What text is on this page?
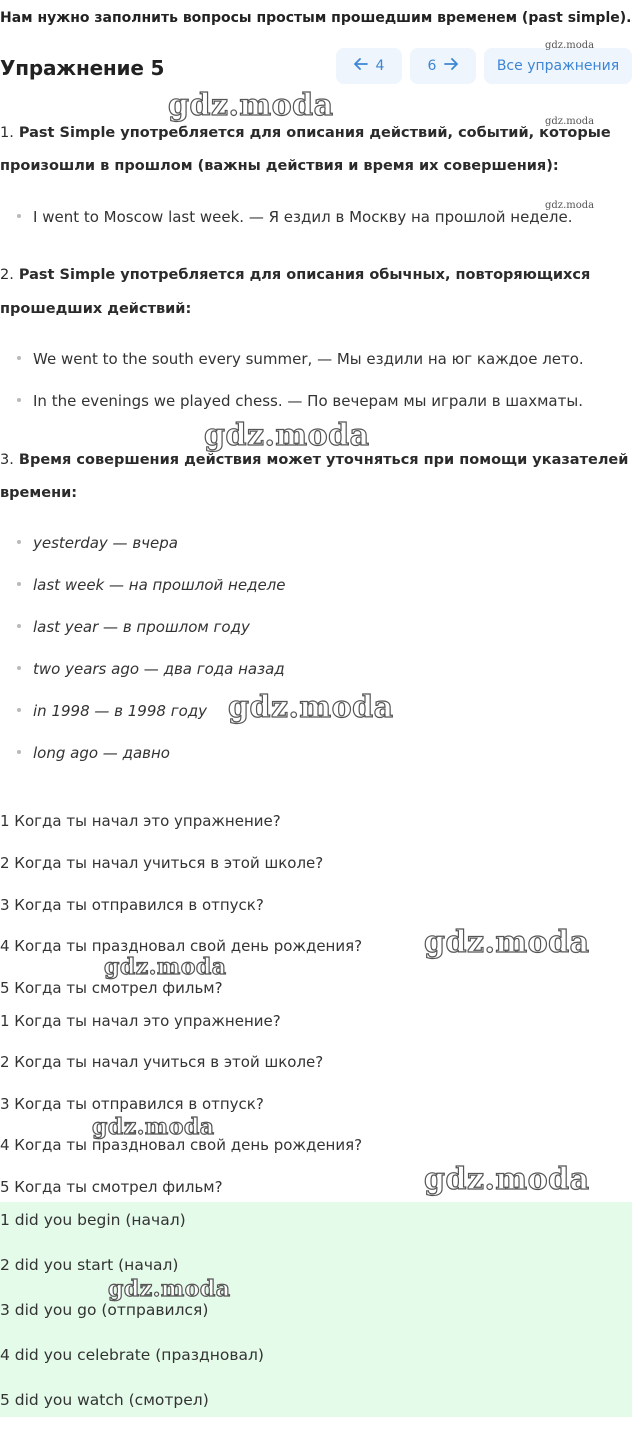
Нам нужно заполнить вопросы простым прошедшим временем (past simple).
Упражнение 5	4	6	Все упражнения
gdz.moda
gdz.moda	gdz.moda
1. Past Simple употребляется для описания действий, событий, которые
произошли в прошлом (важны действия и время их совершения):
gdz.moda
I went to Moscow last week. — Я ездил в Москву на прошлой неделе.
2. Past Simple употребляется для описания обычных, повторяющихся
прошедших действий:
We went to the south every summer, — Мы ездили на юг каждое лето.
In the evenings we played chess. — По вечерам мы играли в шахматы.
gdz.moda
3. Время совершения действия может уточняться при помощи указателей
времени:
yesterday — вчера
last week — на прошлой неделе
last year — в прошлом году
two years ago — два года назад
in 1998 — в 1998 году
long ago — давно
gdz.moda
1 Когда ты начал это упражнение?
2 Когда ты начал учиться в этой школе?
3 Когда ты отправился в отпуск?
4 Когда ты праздновал свой день рождения?
5 Когда ты смотрел фильм?
gdz.moda
gdz.moda
1 Когда ты начал это упражнение?
2 Когда ты начал учиться в этой школе?
3 Когда ты отправился в отпуск?
4 Когда ты праздновал свой день рождения?
5 Когда ты смотрел фильм?
gdz.moda
gdz.moda
1 did you begin (начал)
2 did you start (начал)
3 did you go (отправился)
4 did you celebrate (праздновал)
5 did you watch (смотрел)
gdz.moda
